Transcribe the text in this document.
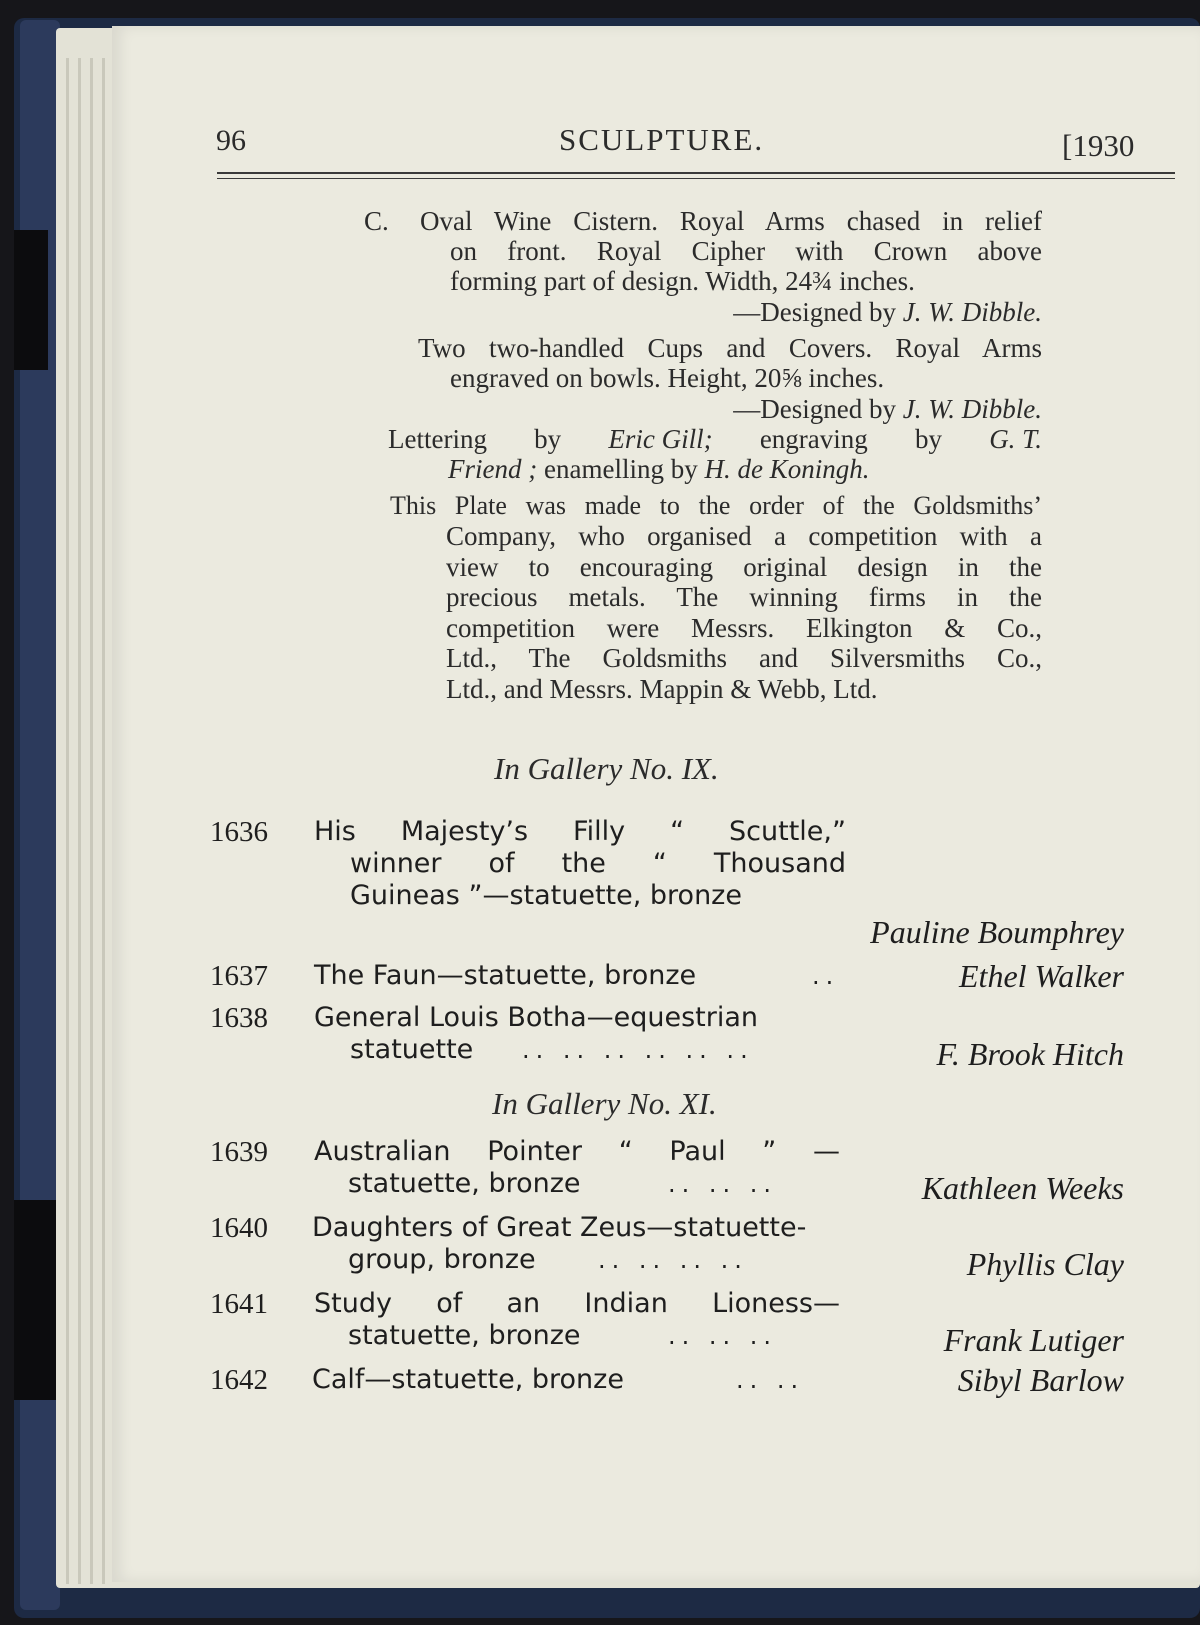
96	SCULPTURE.	[1930
C. Oval Wine Cistern. Royal Arms chased in relief
on front. Royal Cipher with Crown above
forming part of design. Width, 24¾ inches.
—Designed by J. W. Dibble.
Two two-handled Cups and Covers. Royal Arms
engraved on bowls. Height, 20⅝ inches.
—Designed by J. W. Dibble.
Lettering by Eric Gill; engraving by G. T.
Friend ; enamelling by H. de Koningh.
This Plate was made to the order of the Goldsmiths’
Company, who organised a competition with a
view to encouraging original design in the
precious metals. The winning firms in the
competition were Messrs. Elkington & Co.,
Ltd., The Goldsmiths and Silversmiths Co.,
Ltd., and Messrs. Mappin & Webb, Ltd.
In Gallery No. IX.
1636 His Majesty’s Filly “ Scuttle,”
winner of the “ Thousand
Guineas ”—statuette, bronze
Pauline Boumphrey
1637 The Faun—statuette, bronze	..	Ethel Walker
1638 General Louis Botha—equestrian
statuette .. .. .. .. .. ..	F. Brook Hitch
In Gallery No. XI.
1639 Australian Pointer “ Paul ” —
statuette, bronze	.. .. ..	Kathleen Weeks
1640 Daughters of Great Zeus—statuette-
group, bronze	.. .. .. ..	Phyllis Clay
1641 Study of an Indian Lioness—
statuette, bronze	.. .. ..	Frank Lutiger
1642 Calf—statuette, bronze	.. ..	Sibyl Barlow
